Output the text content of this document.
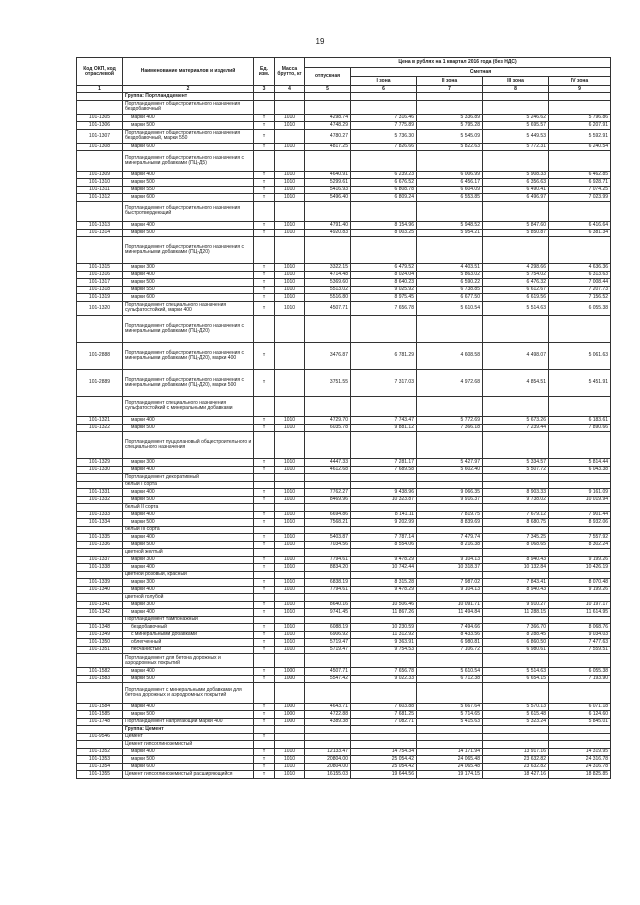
19
Код ОКП, код отраслевой	Наименование материалов и изделий	Ед. изм.	Масса брутто, кг	Цена в рублях на 1 квартал 2016 года (без НДС)				
				отпускная	Сметная			
					I зона	II зона	III зона	IV зона
1	2	3	4	5	6	7	8	9
	Группа: Портландцемент							
	Портландцемент общестроительного назначения бездобавочный							
101-1305	марки 400	т	1010	4298.74	7 316.46	5 336.89	5 246.62	5 796.86
101-1306	марки 500	т	1010	4748.29	7 775.89	5 795.28	5 695.57	6 207.91
101-1307	Портландцемент общестроительного назначения бездобавочный, марки 550	т		4780.27	5 736.30	5 545.09	5 449.53	5 592.91
101-1308	марки 600	т	1010	4817.25	7 826.66	5 822.63	5 772.31	6 240.54
	Портландцемент общестроительного назначения с минеральными добавками (ПЦ-Д5)							
101-1309	марки 400	т	1010	4640.91	6 239.23	6 006.99	5 908.33	6 462.85
101-1310	марки 500	т	1010	5299.61	6 676.52	6 456.17	6 356.63	6 928.71
101-1311	марки 550	т	1010	5416.93	6 808.78	6 604.09	6 490.41	7 074.25
101-1312	марки 600	т	1010	5496.40	6 809.24	6 553.85	6 496.97	7 023.99
	Портландцемент общестроительного назначения быстротвердеющий							
101-1313	марки 400	т	1010	4791.40	8 154.96	5 948.52	5 847.60	6 416.64
101-1314	марки 500	т	1010	4920.83	8 003.25	5 954.21	5 850.87	6 381.34
	Портландцемент общестроительного назначения с минеральными добавками (ПЦ-Д20)							
101-1315	марки 300	т	1010	3322.15	6 479.52	4 403.51	4 298.66	4 636.36
101-1316	марки 400	т	1010	4714.48	8 024.04	5 863.02	5 754.02	6 313.63
101-1317	марки 500	т	1010	5369.60	8 640.23	6 590.22	6 476.32	7 008.44
101-1318	марки 550	т	1010	5513.02	9 025.92	6 738.85	6 612.67	7 207.73
101-1319	марки 600	т	1010	5516.80	8 975.45	6 677.50	6 619.56	7 156.52
101-1320	Портландцемент специального назначения сульфатостойкий, марки 400	т	1010	4507.71	7 656.78	5 610.54	5 514.63	6 055.38
	Портландцемент общестроительного назначения с минеральными добавками (ПЦ-Д20)							
101-2888	Портландцемент общестроительного назначения с минеральными добавками (ПЦ-Д20), марки 400	т		3476.87	6 781.29	4 608.58	4 498.07	5 061.63
101-2889	Портландцемент общестроительного назначения с минеральными добавками (ПЦ-Д20), марки 500	т		3751.55	7 317.03	4 972.68	4 854.51	5 451.91
	Портландцемент специального назначения сульфатостойкий с минеральными добавками							
101-1321	марки 400	т	1010	4729.70	7 743.47	5 772.69	5 673.26	6 183.61
101-1322	марки 500	т	1010	6035.78	9 881.12	7 366.18	7 239.44	7 890.66
	Портландцемент пуццолановый общестроительного и специального назначения							
101-1329	марки 300	т	1010	4447.33	7 281.17	5 427.97	5 334.57	5 814.44
101-1330	марки 400	т	1010	4612.68	7 689.58	5 602.40	5 507.72	6 043.38
	Портландцемент декоративный							
	белый I сорта							
101-1331	марки 400	т	1010	7762.27	9 438.96	9 066.35	8 903.33	9 161.09
101-1332	марки 500	т	1010	8469.96	10 323.87	9 916.37	9 738.02	10 019.94
	белый II сорта							
101-1333	марки 400	т	1010	6694.86	8 141.11	7 819.75	7 679.12	7 901.44
101-1334	марки 500	т	1010	7568.21	9 202.99	8 839.69	8 680.75	8 932.06
	белый III сорта							
101-1335	марки 400	т	1010	5403.87	7 787.14	7 479.74	7 345.25	7 557.92
101-1336	марки 500	т	1010	7034.56	8 554.06	8 216.38	8 068.65	8 302.24
	цветной желтый							
101-1337	марки 300	т	1010	7794.61	9 478.29	9 104.13	8 940.43	9 199.26
101-1338	марки 400	т	1010	8834.20	10 742.44	10 318.37	10 132.84	10 426.19
	цветной розовый, красный							
101-1339	марки 300	т	1010	6838.19	8 315.28	7 987.02	7 843.41	8 070.48
101-1340	марки 400	т	1010	7794.61	9 478.29	9 104.13	8 940.43	9 199.26
	цветной голубой							
101-1341	марки 300	т	1010	8640.16	10 506.46	10 091.71	9 910.27	10 197.17
101-1342	марки 400	т	1010	9741.45	11 867.26	11 494.84	11 288.15	11 614.95
	Портландцемент тампонажный							
101-1348	бездобавочный	т	1010	6088.19	10 230.59	7 494.66	7 366.70	8 068.76
101-1349	с минеральными добавками	т	1010	6906.92	11 312.92	8 433.56	8 288.45	9 034.03
101-1350	облегченный	т	1010	5719.47	9 363.91	6 980.81	6 860.50	7 477.63
101-1351	песчанистый	т	1010	5719.47	9 754.53	7 106.72	6 980.61	7 559.51
	Портландцемент для бетона дорожных и аэродромных покрытий							
101-1582	марки 400	т	1000	4507.71	7 656.78	5 610.54	5 514.63	6 055.38
101-1583	марки 500	т	1000	5547.42	9 022.33	6 712.38	6 654.15	7 193.90
	Портландцемент с минеральными добавками для бетона дорожных и аэродромных покрытий							
101-1584	марки 400	т	1000	4643.71	7 603.88	5 667.64	5 570.13	6 071.18
101-1585	марки 500	т	1000	4722.88	7 681.25	5 714.65	5 615.48	6 124.60
101-1748	Портландцемент напрягающий марки 400	т	1000	4389.38	7 082.71	5 415.63	5 323.24	5 845.01
	Группа: Цемент							
101-9546	Цемент	т						
	Цемент гипсоглиноземистый							
101-1352	марки 400	т	1010	12133.47	14 754.34	14 171.94	13 917.16	14 319.95
101-1353	марки 500	т	1010	20804.00	25 054.42	24 065.48	23 632.82	24 316.78
101-1354	марки 600	т	1010	20804.00	25 054.42	24 065.48	23 632.82	24 316.78
101-1355	Цемент гипсоглиноземистый расширяющийся	т	1010	16155.03	19 644.56	19 174.15	18 427.16	18 825.85
